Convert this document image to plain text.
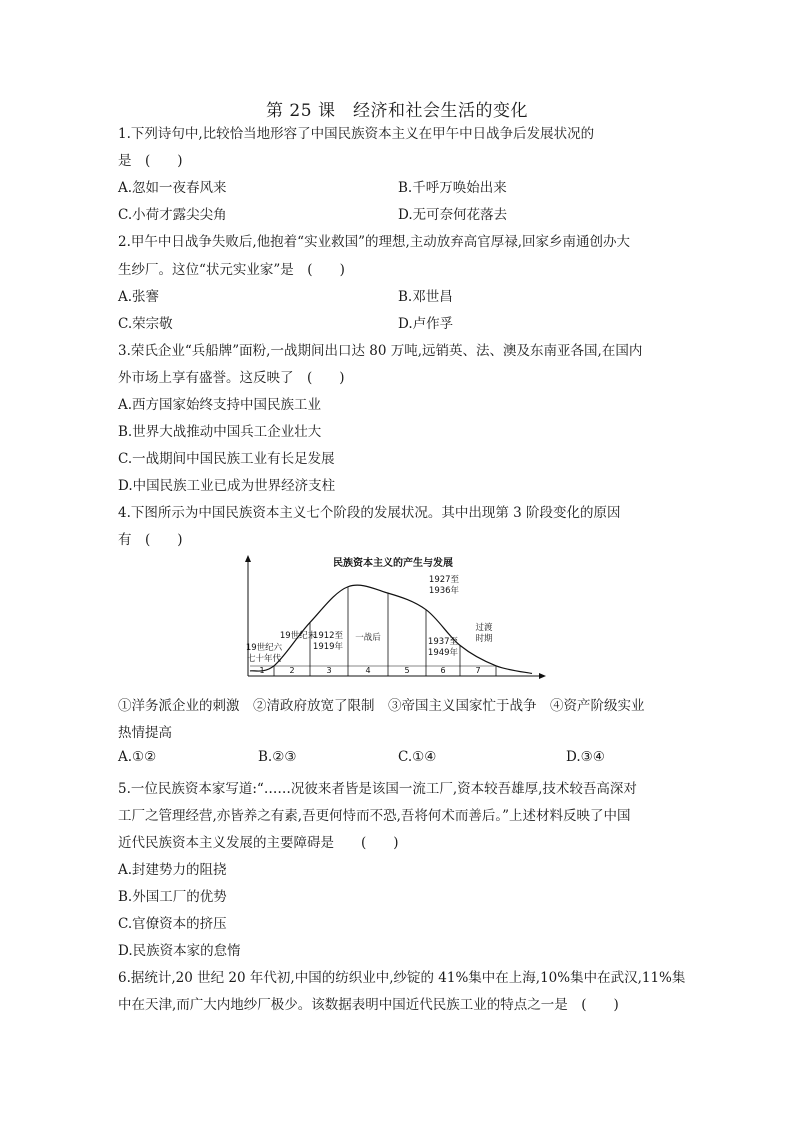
第 25 课　经济和社会生活的变化
1.下列诗句中,比较恰当地形容了中国民族资本主义在甲午中日战争后发展状况的
是　(　　)
A.忽如一夜春风来	B.千呼万唤始出来
C.小荷才露尖尖角	D.无可奈何花落去
2.甲午中日战争失败后,他抱着“实业救国”的理想,主动放弃高官厚禄,回家乡南通创办大
生纱厂。这位“状元实业家”是　(　　)
A.张謇	B.邓世昌
C.荣宗敬	D.卢作孚
3.荣氏企业“兵船牌”面粉,一战期间出口达 80 万吨,远销英、法、澳及东南亚各国,在国内
外市场上享有盛誉。这反映了　(　　)
A.西方国家始终支持中国民族工业
B.世界大战推动中国兵工企业壮大
C.一战期间中国民族工业有长足发展
D.中国民族工业已成为世界经济支柱
4.下图所示为中国民族资本主义七个阶段的发展状况。其中出现第 3 阶段变化的原因
有　(　　)
民族资本主义的产生与发展
1
19世纪六
七十年代
2
19世纪末
3
1912至
1919年
4
一战后
5	6
1937至
1949年
7
过渡
时期
1927至
1936年
①洋务派企业的刺激　②清政府放宽了限制　③帝国主义国家忙于战争　④资产阶级实业
热情提高
A.①②	B.②③	C.①④	D.③④
5.一位民族资本家写道:“……况彼来者皆是该国一流工厂,资本较吾雄厚,技术较吾高深对
工厂之管理经营,亦皆养之有素,吾更何恃而不恐,吾将何术而善后。”上述材料反映了中国
近代民族资本主义发展的主要障碍是　　(　　)
A.封建势力的阻挠
B.外国工厂的优势
C.官僚资本的挤压
D.民族资本家的怠惰
6.据统计,20 世纪 20 年代初,中国的纺织业中,纱锭的 41%集中在上海,10%集中在武汉,11%集
中在天津,而广大内地纱厂极少。该数据表明中国近代民族工业的特点之一是　(　　)
